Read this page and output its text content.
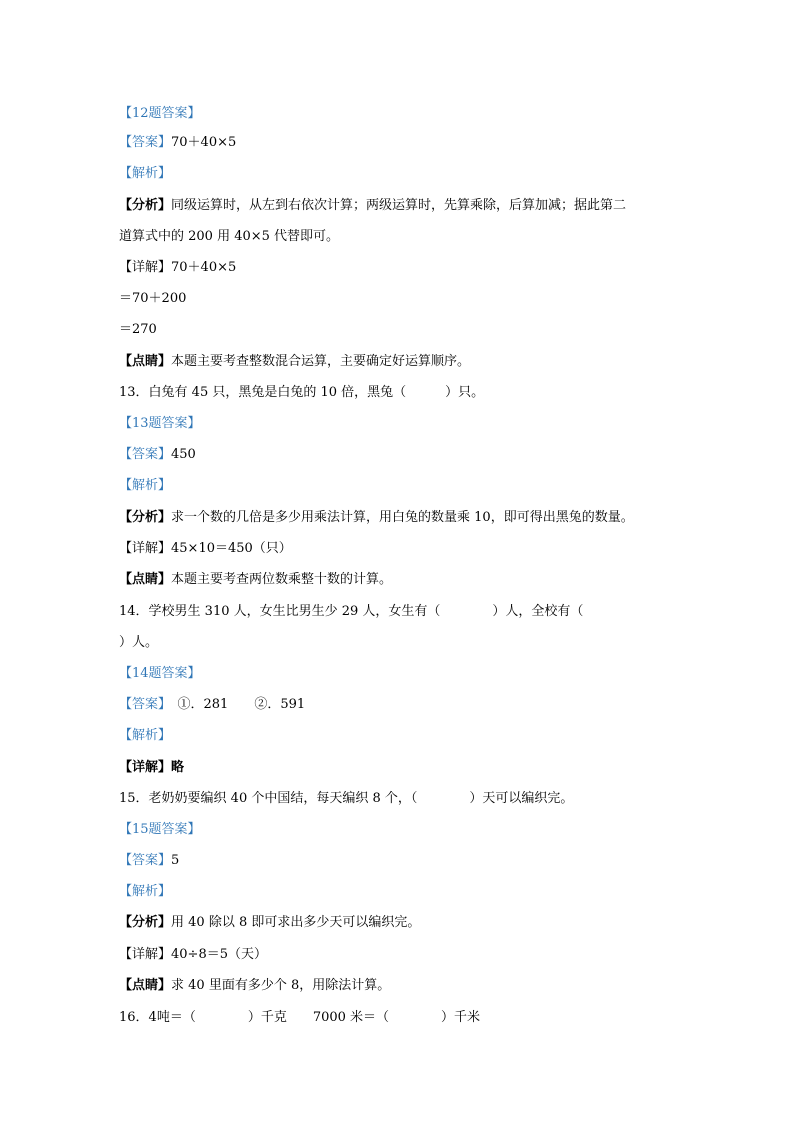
【12题答案】
【答案】70＋40×5
【解析】
【分析】同级运算时，从左到右依次计算；两级运算时，先算乘除，后算加减；据此第二
道算式中的 200 用 40×5 代替即可。
【详解】70＋40×5
＝70＋200
＝270
【点睛】本题主要考查整数混合运算，主要确定好运算顺序。
13．白兔有 45 只，黑兔是白兔的 10 倍，黑兔（　　　）只。
【13题答案】
【答案】450
【解析】
【分析】求一个数的几倍是多少用乘法计算，用白兔的数量乘 10，即可得出黑兔的数量。
【详解】45×10＝450（只）
【点睛】本题主要考查两位数乘整十数的计算。
14．学校男生 310 人，女生比男生少 29 人，女生有（　　　　）人，全校有（
）人。
【14题答案】
【答案】　①．281　　②．591
【解析】
【详解】略
15．老奶奶要编织 40 个中国结，每天编织 8 个，（　　　　）天可以编织完。
【15题答案】
【答案】5
【解析】
【分析】用 40 除以 8 即可求出多少天可以编织完。
【详解】40÷8＝5（天）
【点睛】求 40 里面有多少个 8，用除法计算。
16．4吨＝（　　　　）千克　　7000 米＝（　　　　）千米
